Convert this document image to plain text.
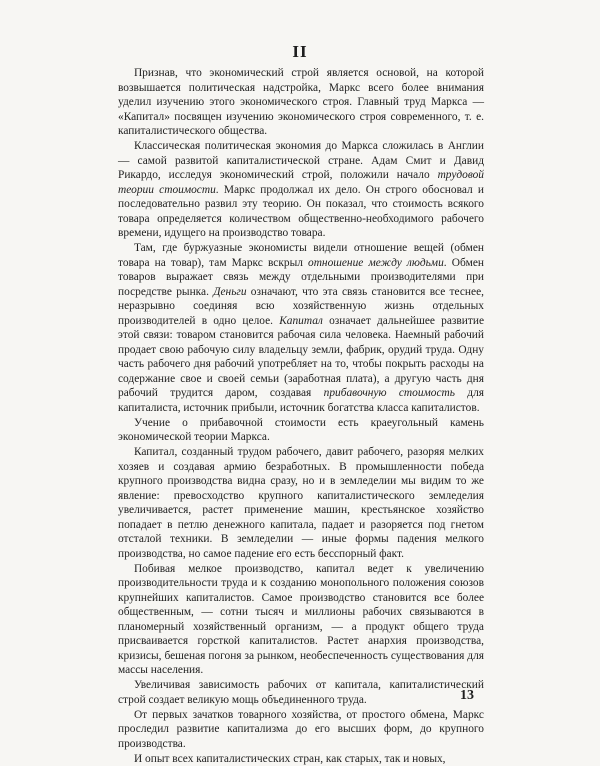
II

Признав, что экономический строй является основой, на которой возвышается политическая надстройка, Маркс всего более внимания уделил изучению этого экономического строя. Главный труд Маркса — «Капитал» посвящен изучению экономического строя современного, т. е. капиталистического общества.

Классическая политическая экономия до Маркса сложилась в Англии — самой развитой капиталистической стране. Адам Смит и Давид Рикардо, исследуя экономический строй, положили начало трудовой теории стоимости. Маркс продолжал их дело. Он строго обосновал и последовательно развил эту теорию. Он показал, что стоимость всякого товара определяется количеством общественно-необходимого рабочего времени, идущего на производство товара.

Там, где буржуазные экономисты видели отношение вещей (обмен товара на товар), там Маркс вскрыл отношение между людьми. Обмен товаров выражает связь между отдельными производителями при посредстве рынка. Деньги означают, что эта связь становится все теснее, неразрывно соединяя всю хозяйственную жизнь отдельных производителей в одно целое. Капитал означает дальнейшее развитие этой связи: товаром становится рабочая сила человека. Наемный рабочий продает свою рабочую силу владельцу земли, фабрик, орудий труда. Одну часть рабочего дня рабочий употребляет на то, чтобы покрыть расходы на содержание свое и своей семьи (заработная плата), а другую часть дня рабочий трудится даром, создавая прибавочную стоимость для капиталиста, источник прибыли, источник богатства класса капиталистов.

Учение о прибавочной стоимости есть краеугольный камень экономической теории Маркса.

Капитал, созданный трудом рабочего, давит рабочего, разоряя мелких хозяев и создавая армию безработных. В промышленности победа крупного производства видна сразу, но и в земледелии мы видим то же явление: превосходство крупного капиталистического земледелия увеличивается, растет применение машин, крестьянское хозяйство попадает в петлю денежного капитала, падает и разоряется под гнетом отсталой техники. В земледелии — иные формы падения мелкого производства, но самое падение его есть бесспорный факт.

Побивая мелкое производство, капитал ведет к увеличению производительности труда и к созданию монопольного положения союзов крупнейших капиталистов. Самое производство становится все более общественным, — сотни тысяч и миллионы рабочих связываются в планомерный хозяйственный организм, — а продукт общего труда присваивается горсткой капиталистов. Растет анархия производства, кризисы, бешеная погоня за рынком, необеспеченность существования для массы населения.

Увеличивая зависимость рабочих от капитала, капиталистический строй создает великую мощь объединенного труда.

От первых зачатков товарного хозяйства, от простого обмена, Маркс проследил развитие капитализма до его высших форм, до крупного производства.

И опыт всех капиталистических стран, как старых, так и новых,

13
